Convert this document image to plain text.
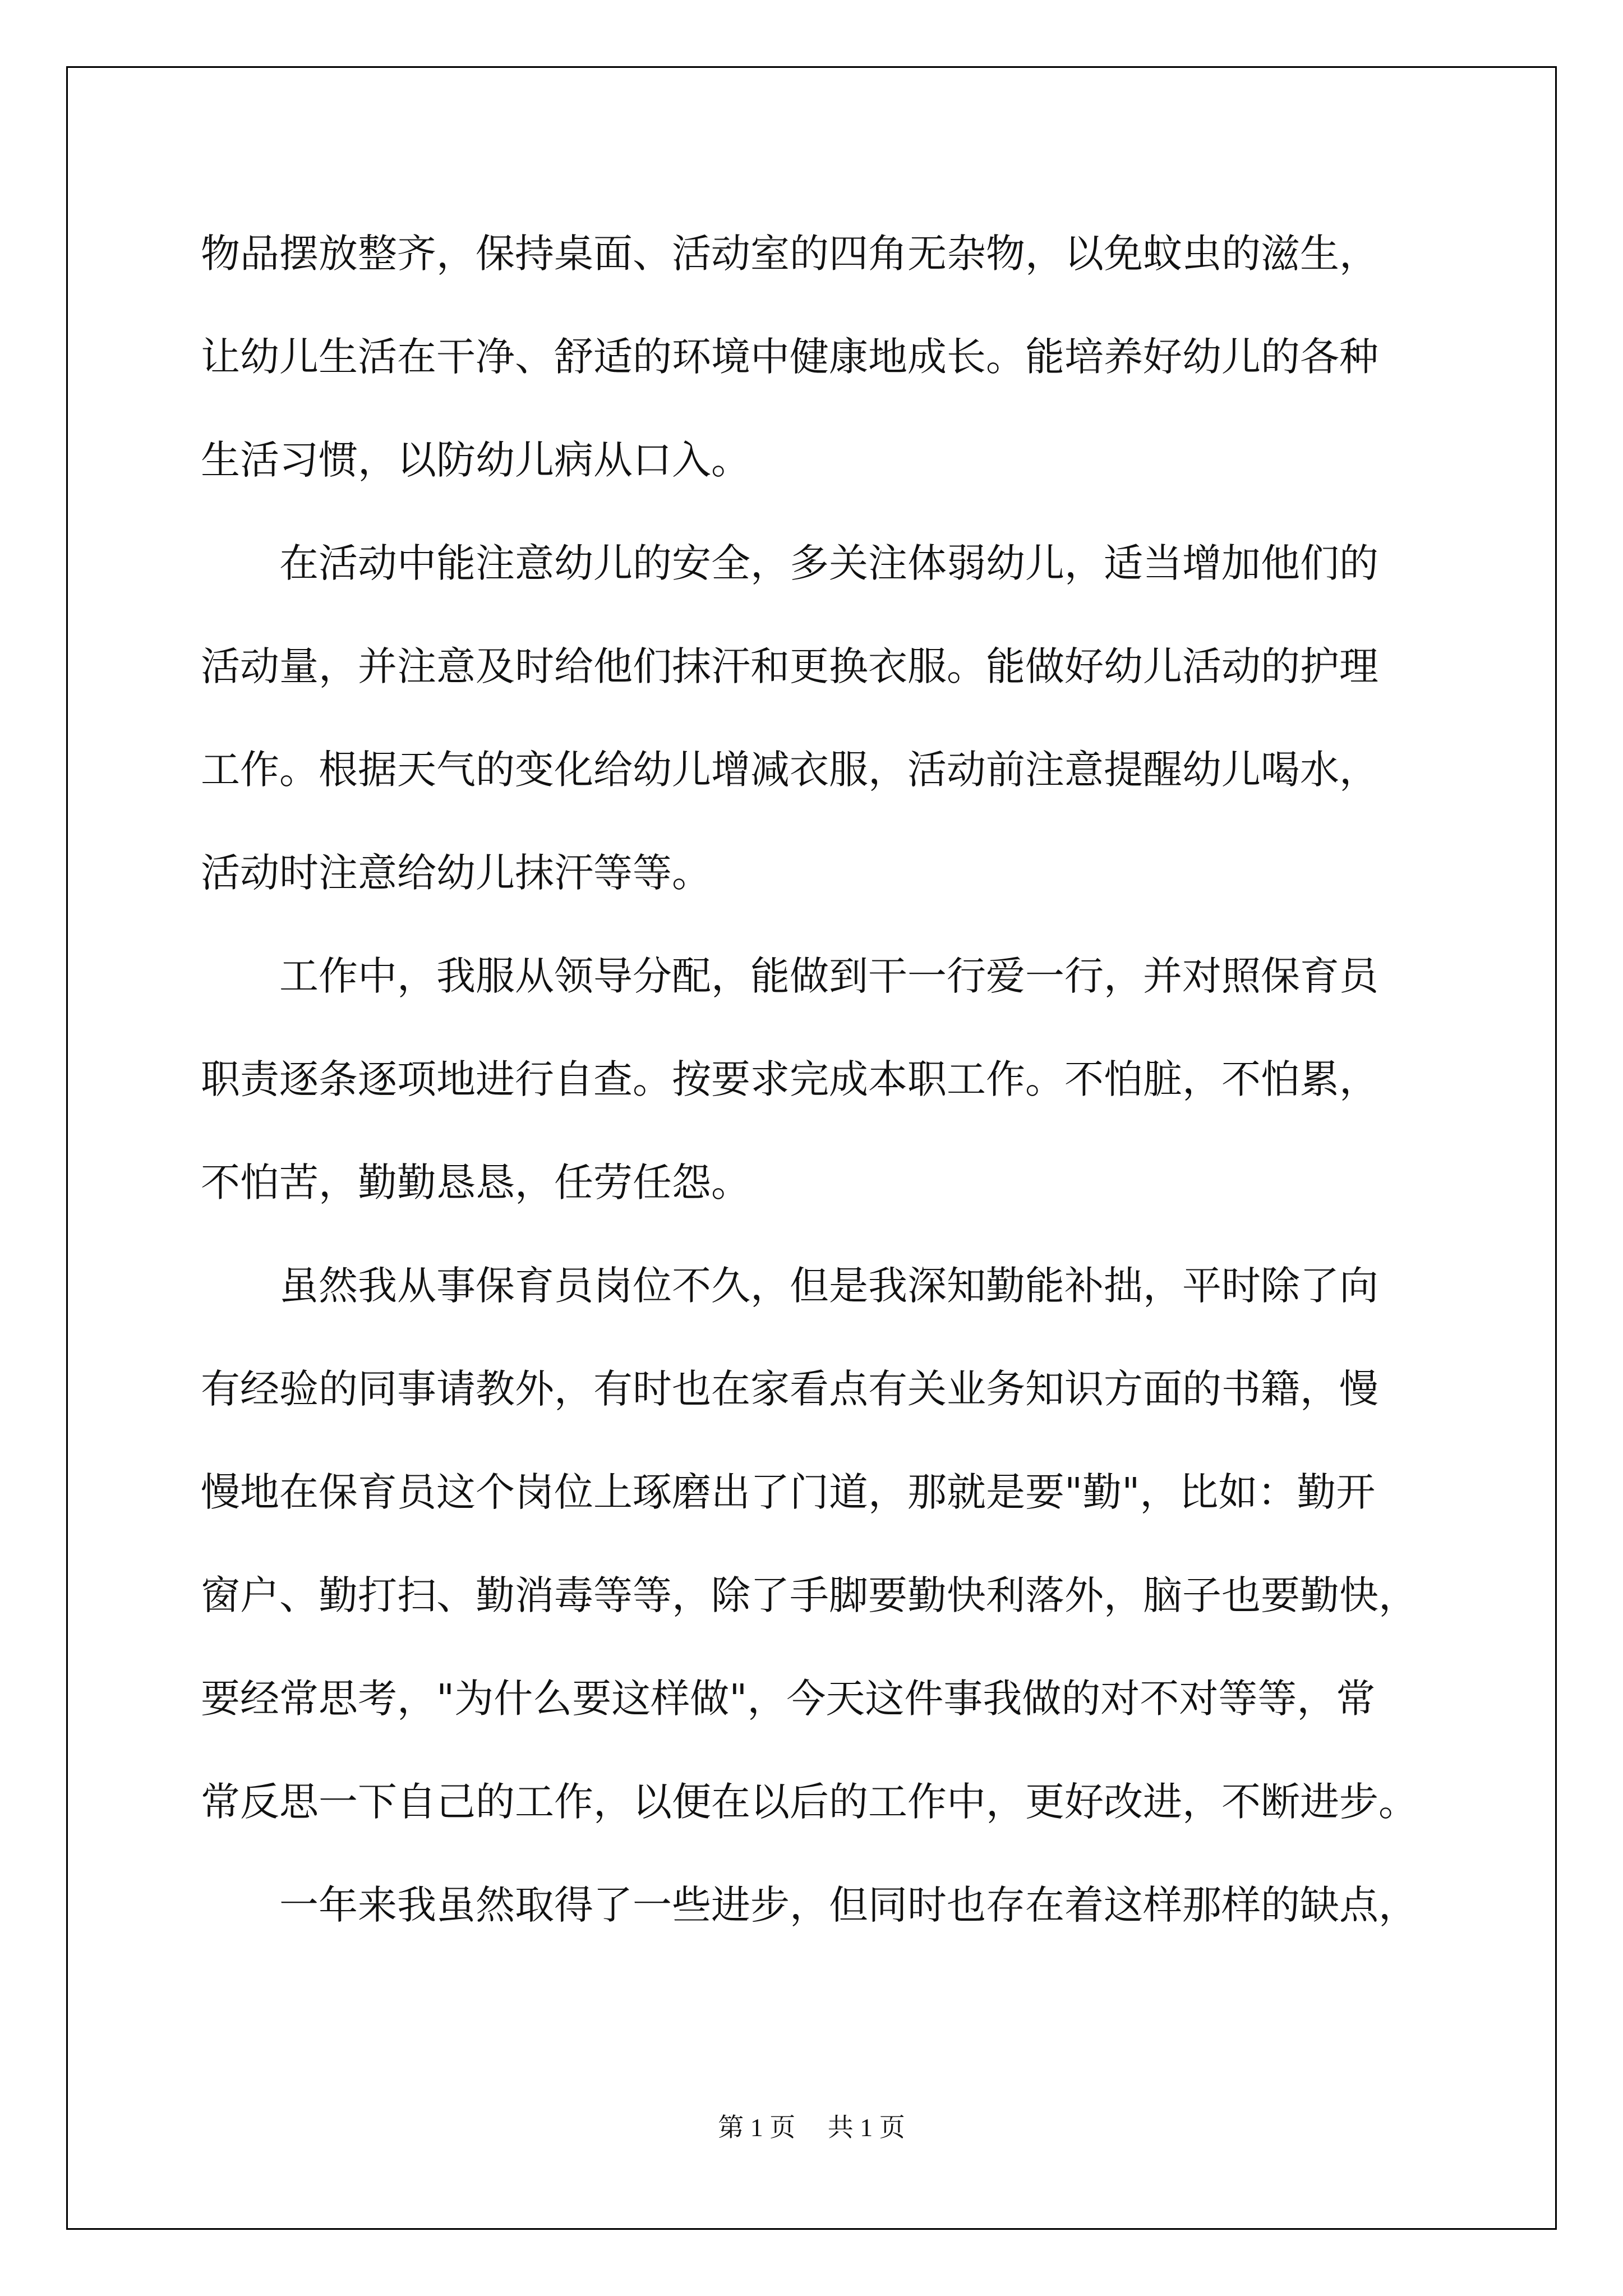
物品摆放整齐，保持桌面、活动室的四角无杂物，以免蚊虫的滋生，
让幼儿生活在干净、舒适的环境中健康地成长。能培养好幼儿的各种
生活习惯，以防幼儿病从口入。
　　在活动中能注意幼儿的安全，多关注体弱幼儿，适当增加他们的
活动量，并注意及时给他们抹汗和更换衣服。能做好幼儿活动的护理
工作。根据天气的变化给幼儿增减衣服，活动前注意提醒幼儿喝水，
活动时注意给幼儿抹汗等等。
　　工作中，我服从领导分配，能做到干一行爱一行，并对照保育员
职责逐条逐项地进行自查。按要求完成本职工作。不怕脏，不怕累，
不怕苦，勤勤恳恳，任劳任怨。
　　虽然我从事保育员岗位不久，但是我深知勤能补拙，平时除了向
有经验的同事请教外，有时也在家看点有关业务知识方面的书籍，慢
慢地在保育员这个岗位上琢磨出了门道，那就是要"勤"，比如：勤开
窗户、勤打扫、勤消毒等等，除了手脚要勤快利落外，脑子也要勤快，
要经常思考，"为什么要这样做"，今天这件事我做的对不对等等，常
常反思一下自己的工作，以便在以后的工作中，更好改进，不断进步。
　　一年来我虽然取得了一些进步，但同时也存在着这样那样的缺点，
第 1 页　 共 1 页
